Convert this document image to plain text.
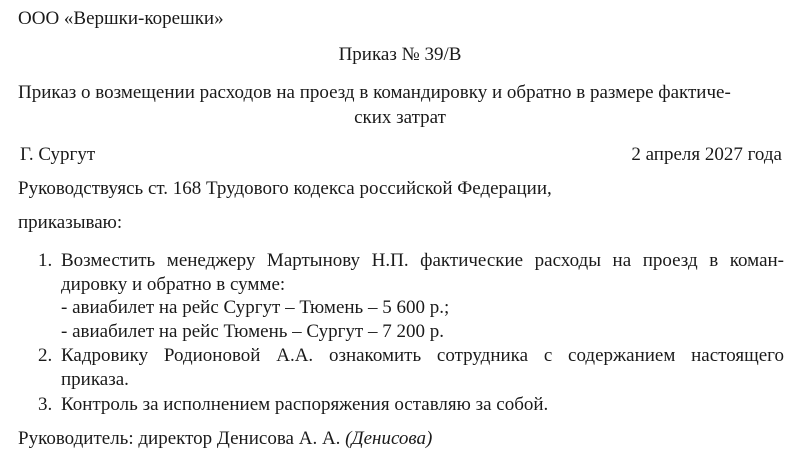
ООО «Вершки-корешки»
Приказ № 39/В
Приказ о возмещении расходов на проезд в командировку и обратно в размере фактиче-
ских затрат
Г. Сургут	2 апреля 2027 года
Руководствуясь ст. 168 Трудового кодекса российской Федерации,
приказываю:
1. Возместить менеджеру Мартынову Н.П. фактические расходы на проезд в коман-
дировку и обратно в сумме:
- авиабилет на рейс Сургут – Тюмень – 5 600 р.;
- авиабилет на рейс Тюмень – Сургут – 7 200 р.
2. Кадровику Родионовой А.А. ознакомить сотрудника с содержанием настоящего
приказа.
3. Контроль за исполнением распоряжения оставляю за собой.
Руководитель: директор Денисова А. А. (Денисова)
